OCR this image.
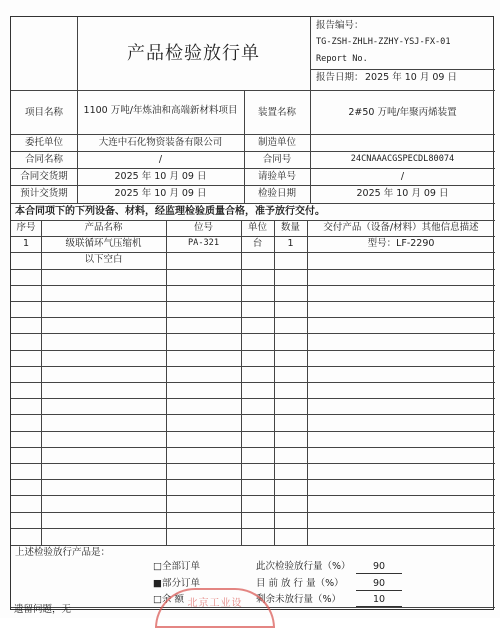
产品检验放行单
报告编号：
TG-ZSH-ZHLH-ZZHY-YSJ-FX-01
Report No.
报告日期： 2025 年 10 月 09 日
项目名称	1100 万吨/年炼油和高端新材料项目	装置名称	2#50 万吨/年聚丙烯装置
委托单位	大连中石化物资装备有限公司	制造单位
合同名称	/	合同号	24CNAAACGSPECDL80074
合同交货期	2025 年 10 月 09 日	请验单号	/
预计交货期	2025 年 10 月 09 日	检验日期	2025 年 10 月 09 日
本合同项下的下列设备、材料，经监理检验质量合格，准予放行交付。
序号	产品名称	位号	单位	数量	交付产品（设备/材料）其他信息描述
1	级联循环气压缩机	PA-321	台	1	型号：LF-2290
以下空白
上述检验放行产品是：
□全部订单
■部分订单
□余 额
此次检验放行量（%）	90
目 前 放 行 量（%）	90
剩余未放行量（%）	10
北京工业设
遗留问题，无
